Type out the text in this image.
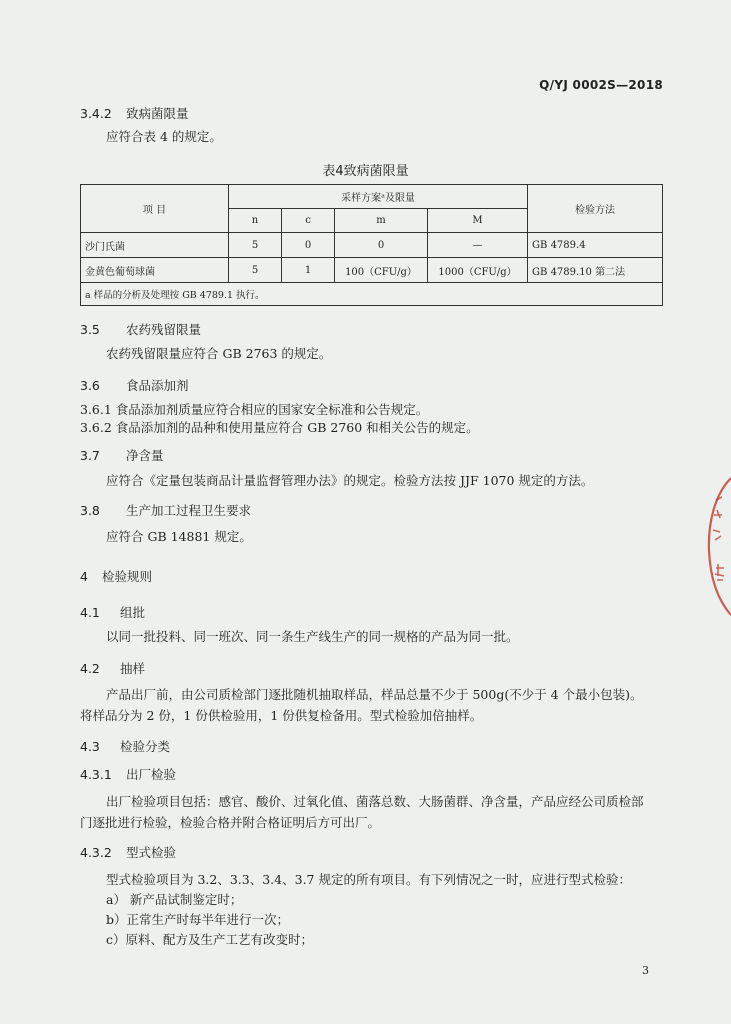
Q/YJ 0002S—2018
3.4.2 致病菌限量
应符合表 4 的规定。
表4致病菌限量
项 目	采样方案ᵃ及限量				检验方法
	n	c	m	M	
沙门氏菌	5	0	0	—	GB 4789.4
金黄色葡萄球菌	5	1	100（CFU/g）	1000（CFU/g）	GB 4789.10 第二法
a 样品的分析及处理按 GB 4789.1 执行。					
3.5 农药残留限量
农药残留限量应符合 GB 2763 的规定。
3.6 食品添加剂
3.6.1 食品添加剂质量应符合相应的国家安全标准和公告规定。
3.6.2 食品添加剂的品种和使用量应符合 GB 2760 和相关公告的规定。
3.7 净含量
应符合《定量包装商品计量监督管理办法》的规定。检验方法按 JJF 1070 规定的方法。
3.8 生产加工过程卫生要求
应符合 GB 14881 规定。
4 检验规则
4.1 组批
以同一批投料、同一班次、同一条生产线生产的同一规格的产品为同一批。
4.2 抽样
产品出厂前，由公司质检部门逐批随机抽取样品，样品总量不少于 500g(不少于 4 个最小包装)。
将样品分为 2 份，1 份供检验用，1 份供复检备用。型式检验加倍抽样。
4.3 检验分类
4.3.1 出厂检验
出厂检验项目包括：感官、酸价、过氧化值、菌落总数、大肠菌群、净含量，产品应经公司质检部
门逐批进行检验，检验合格并附合格证明后方可出厂。
4.3.2 型式检验
型式检验项目为 3.2、3.3、3.4、3.7 规定的所有项目。有下列情况之一时，应进行型式检验：
a） 新产品试制鉴定时；
b）正常生产时每半年进行一次；
c）原料、配方及生产工艺有改变时；
3
